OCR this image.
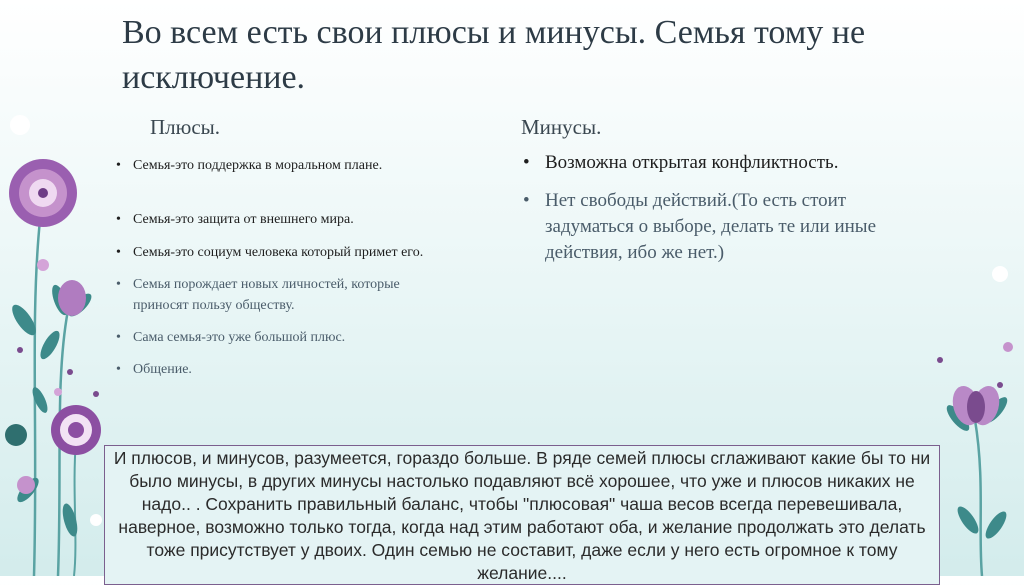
Во всем есть свои плюсы и минусы. Семья тому не исключение.
Плюсы.
• Семья-это поддержка в моральном плане.
• Семья-это защита от внешнего мира.
• Семья-это социум человека который примет его.
• Семья порождает новых личностей, которые приносят пользу обществу.
• Сама семья-это уже большой плюс.
• Общение.
Минусы.
• Возможна открытая конфликтность.
• Нет свободы действий.(То есть стоит задуматься о выборе, делать те или иные действия, ибо же нет.)
И плюсов, и минусов, разумеется, гораздо больше. В ряде семей плюсы сглаживают какие бы то ни было минусы, в других минусы настолько подавляют всё хорошее, что уже и плюсов никаких не надо.. . Сохранить правильный баланс, чтобы "плюсовая" чаша весов всегда перевешивала, наверное, возможно только тогда, когда над этим работают оба, и желание продолжать это делать тоже присутствует у двоих. Один семью не составит, даже если у него есть огромное к тому желание....
